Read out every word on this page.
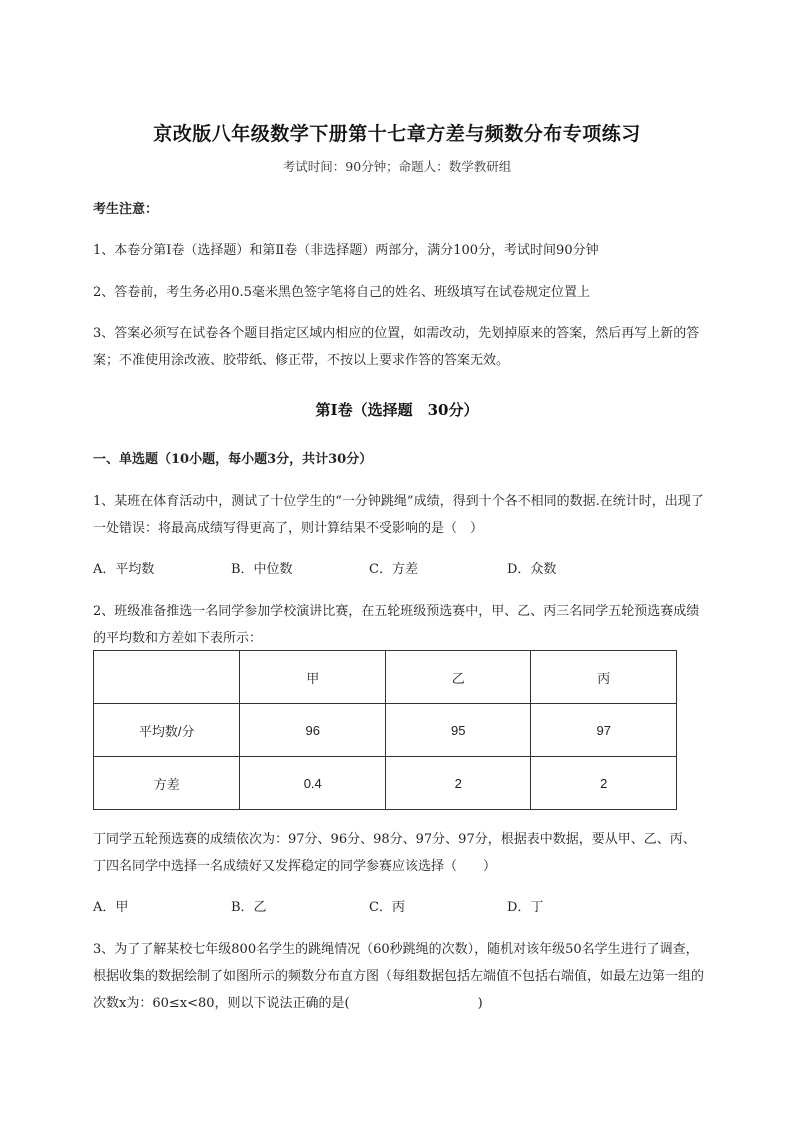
京改版八年级数学下册第十七章方差与频数分布专项练习
考试时间：90分钟；命题人：数学教研组
考生注意：
1、本卷分第I卷（选择题）和第Ⅱ卷（非选择题）两部分，满分100分，考试时间90分钟
2、答卷前，考生务必用0.5毫米黑色签字笔将自己的姓名、班级填写在试卷规定位置上
3、答案必须写在试卷各个题目指定区域内相应的位置，如需改动，先划掉原来的答案，然后再写上新的答案；不准使用涂改液、胶带纸、修正带，不按以上要求作答的答案无效。
第I卷（选择题　30分）
一、单选题（10小题，每小题3分，共计30分）
1、某班在体育活动中，测试了十位学生的“一分钟跳绳”成绩，得到十个各不相同的数据.在统计时，出现了一处错误：将最高成绩写得更高了，则计算结果不受影响的是（　）
A．平均数	B．中位数	C．方差	D．众数
2、班级准备推选一名同学参加学校演讲比赛，在五轮班级预选赛中，甲、乙、丙三名同学五轮预选赛成绩的平均数和方差如下表所示：
	甲	乙	丙
平均数/分	96	95	97
方差	0.4	2	2
丁同学五轮预选赛的成绩依次为：97分、96分、98分、97分、97分，根据表中数据，要从甲、乙、丙、丁四名同学中选择一名成绩好又发挥稳定的同学参赛应该选择（　　）
A．甲	B．乙	C．丙	D．丁
3、为了了解某校七年级800名学生的跳绳情况（60秒跳绳的次数），随机对该年级50名学生进行了调查，根据收集的数据绘制了如图所示的频数分布直方图（每组数据包括左端值不包括右端值，如最左边第一组的次数x为：60≤x<80，则以下说法正确的是(	)
